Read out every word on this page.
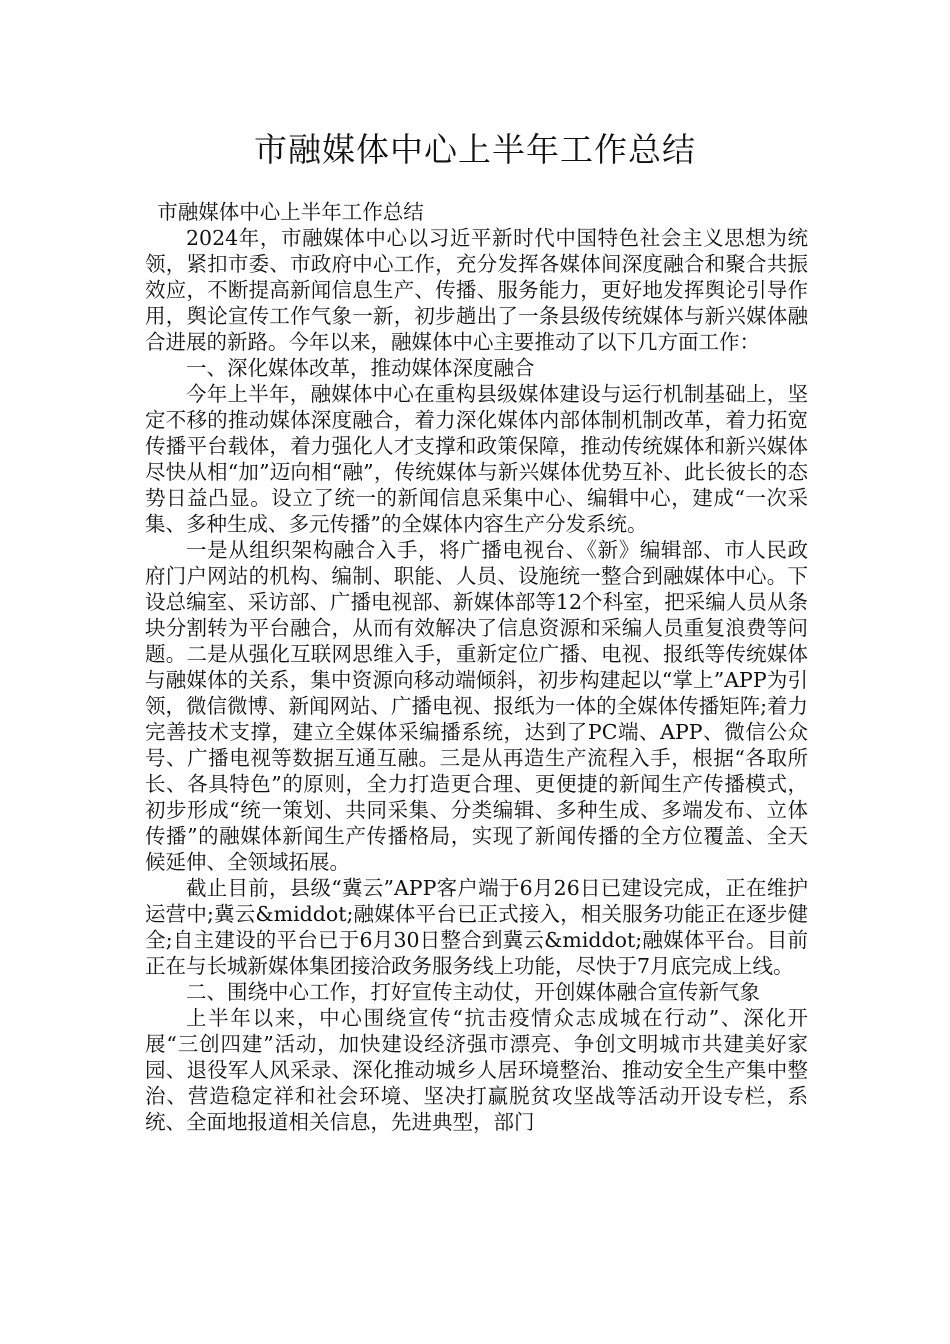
市融媒体中心上半年工作总结

市融媒体中心上半年工作总结

2024年，市融媒体中心以习近平新时代中国特色社会主义思想为统领，紧扣市委、市政府中心工作，充分发挥各媒体间深度融合和聚合共振效应，不断提高新闻信息生产、传播、服务能力，更好地发挥舆论引导作用，舆论宣传工作气象一新，初步趟出了一条县级传统媒体与新兴媒体融合进展的新路。今年以来，融媒体中心主要推动了以下几方面工作：

一、深化媒体改革，推动媒体深度融合

今年上半年，融媒体中心在重构县级媒体建设与运行机制基础上，坚定不移的推动媒体深度融合，着力深化媒体内部体制机制改革，着力拓宽传播平台载体，着力强化人才支撑和政策保障，推动传统媒体和新兴媒体尽快从相“加”迈向相“融”，传统媒体与新兴媒体优势互补、此长彼长的态势日益凸显。设立了统一的新闻信息采集中心、编辑中心，建成“一次采集、多种生成、多元传播”的全媒体内容生产分发系统。

一是从组织架构融合入手，将广播电视台、《新》编辑部、市人民政府门户网站的机构、编制、职能、人员、设施统一整合到融媒体中心。下设总编室、采访部、广播电视部、新媒体部等12个科室，把采编人员从条块分割转为平台融合，从而有效解决了信息资源和采编人员重复浪费等问题。二是从强化互联网思维入手，重新定位广播、电视、报纸等传统媒体与融媒体的关系，集中资源向移动端倾斜，初步构建起以“掌上”APP为引领，微信微博、新闻网站、广播电视、报纸为一体的全媒体传播矩阵;着力完善技术支撑，建立全媒体采编播系统，达到了PC端、APP、微信公众号、广播电视等数据互通互融。三是从再造生产流程入手，根据“各取所长、各具特色”的原则，全力打造更合理、更便捷的新闻生产传播模式，初步形成“统一策划、共同采集、分类编辑、多种生成、多端发布、立体传播”的融媒体新闻生产传播格局，实现了新闻传播的全方位覆盖、全天候延伸、全领域拓展。

截止目前，县级“冀云”APP客户端于6月26日已建设完成，正在维护运营中;冀云&middot;融媒体平台已正式接入，相关服务功能正在逐步健全;自主建设的平台已于6月30日整合到冀云&middot;融媒体平台。目前正在与长城新媒体集团接洽政务服务线上功能，尽快于7月底完成上线。

二、围绕中心工作，打好宣传主动仗，开创媒体融合宣传新气象

上半年以来，中心围绕宣传“抗击疫情众志成城在行动”、深化开展“三创四建”活动，加快建设经济强市漂亮、争创文明城市共建美好家园、退役军人风采录、深化推动城乡人居环境整治、推动安全生产集中整治、营造稳定祥和社会环境、坚决打赢脱贫攻坚战等活动开设专栏，系统、全面地报道相关信息，先进典型，部门
